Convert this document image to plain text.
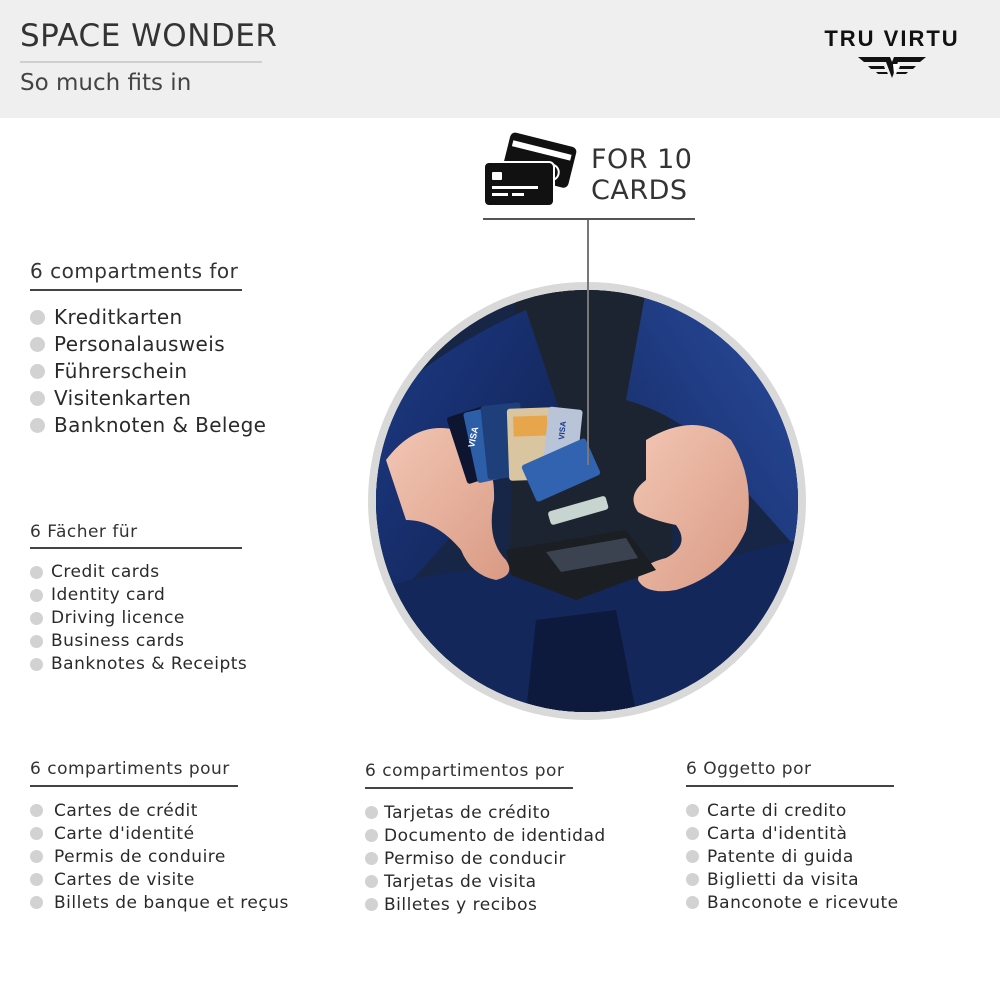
SPACE WONDER
So much fits in
TRU VIRTU
FOR 10
CARDS
VISA	VISA
6 compartments for
Kreditkarten
Personalausweis
Führerschein
Visitenkarten
Banknoten & Belege
6 Fächer für
Credit cards
Identity card
Driving licence
Business cards
Banknotes & Receipts
6 compartiments pour
Cartes de crédit
Carte d'identité
Permis de conduire
Cartes de visite
Billets de banque et reçus
6 compartimentos por
Tarjetas de crédito
Documento de identidad
Permiso de conducir
Tarjetas de visita
Billetes y recibos
6 Oggetto por
Carte di credito
Carta d'identità
Patente di guida
Biglietti da visita
Banconote e ricevute
